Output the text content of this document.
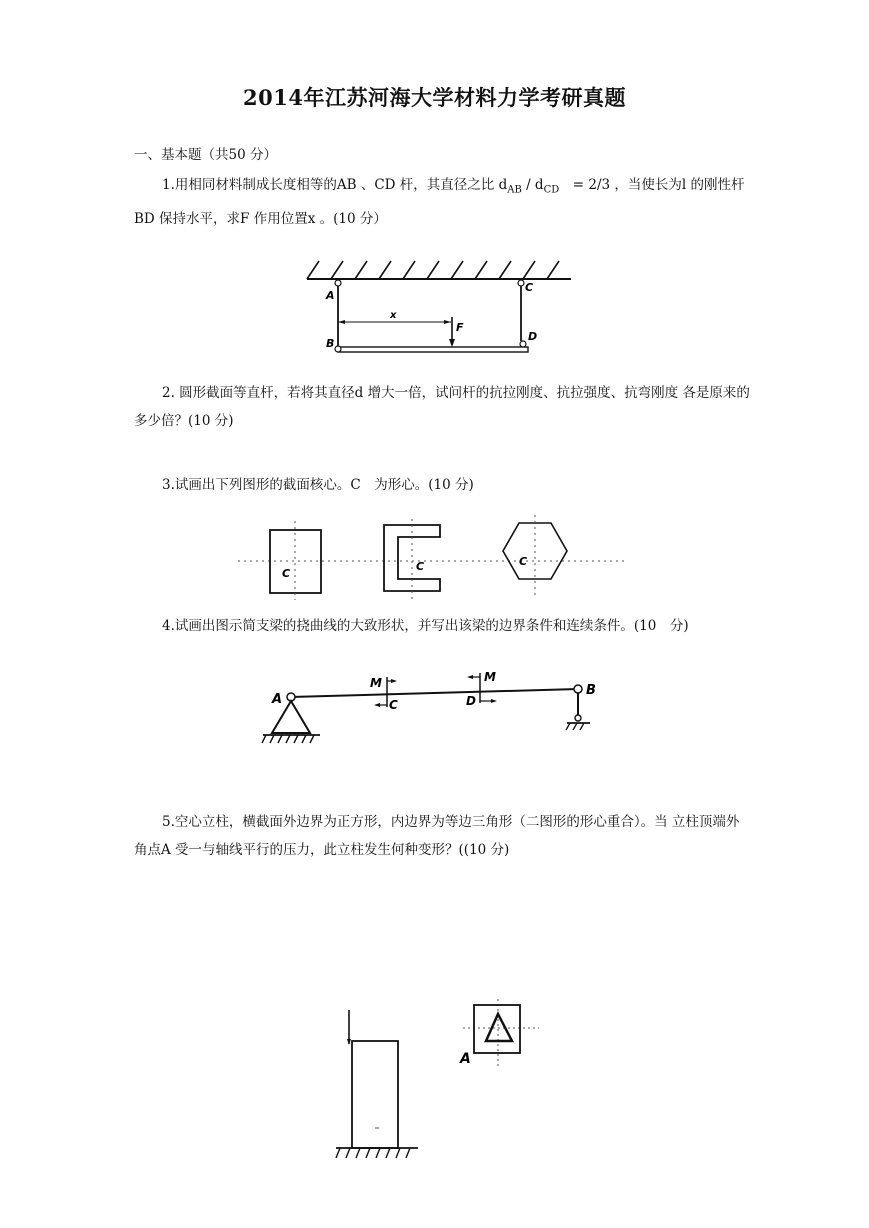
2014年江苏河海大学材料力学考研真题
一、基本题（共50 分）
1.用相同材料制成长度相等的AB 、CD 杆，其直径之比 $d_{AB} / d_{CD}$　= 2/3 ，当使长为l 的刚性杆BD 保持水平，求F 作用位置x 。(10 分）
A
B
C
D
x
F
2. 圆形截面等直杆，若将其直径d 增大一倍，试问杆的抗拉刚度、抗拉强度、抗弯刚度 各是原来的多少倍？(10 分)
3.试画出下列图形的截面核心。C　为形心。(10 分)
C
C	C
4.试画出图示简支梁的挠曲线的大致形状，并写出该梁的边界条件和连续条件。(10　分)
M
C
M
D
A
B
5.空心立柱，横截面外边界为正方形，内边界为等边三角形（二图形的形心重合）。当 立柱顶端外角点A 受一与轴线平行的压力，此立柱发生何种变形？((10 分)
A
